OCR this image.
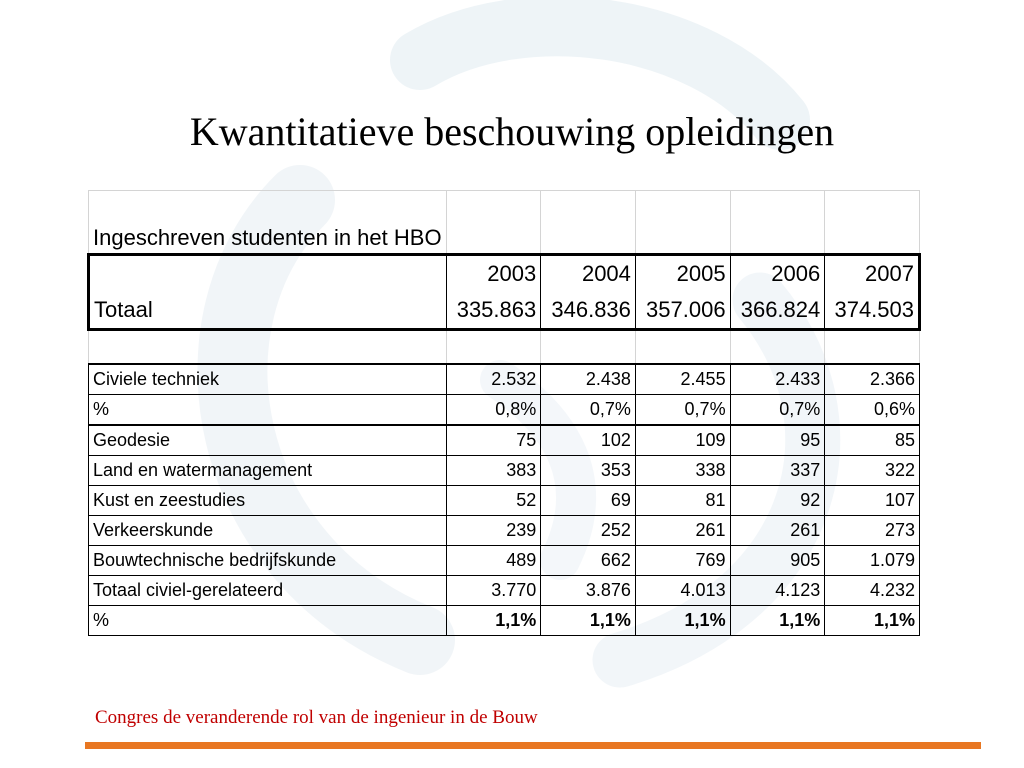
Kwantitatieve beschouwing opleidingen
Ingeschreven studenten in het HBO					
	2003	2004	2005	2006	2007
Totaal	335.863	346.836	357.006	366.824	374.503

Civiele techniek	2.532	2.438	2.455	2.433	2.366
%	0,8%	0,7%	0,7%	0,7%	0,6%
Geodesie	75	102	109	95	85
Land en watermanagement	383	353	338	337	322
Kust en zeestudies	52	69	81	92	107
Verkeerskunde	239	252	261	261	273
Bouwtechnische bedrijfskunde	489	662	769	905	1.079
Totaal civiel-gerelateerd	3.770	3.876	4.013	4.123	4.232
%	1,1%	1,1%	1,1%	1,1%	1,1%
Congres de veranderende rol van de ingenieur in de Bouw
